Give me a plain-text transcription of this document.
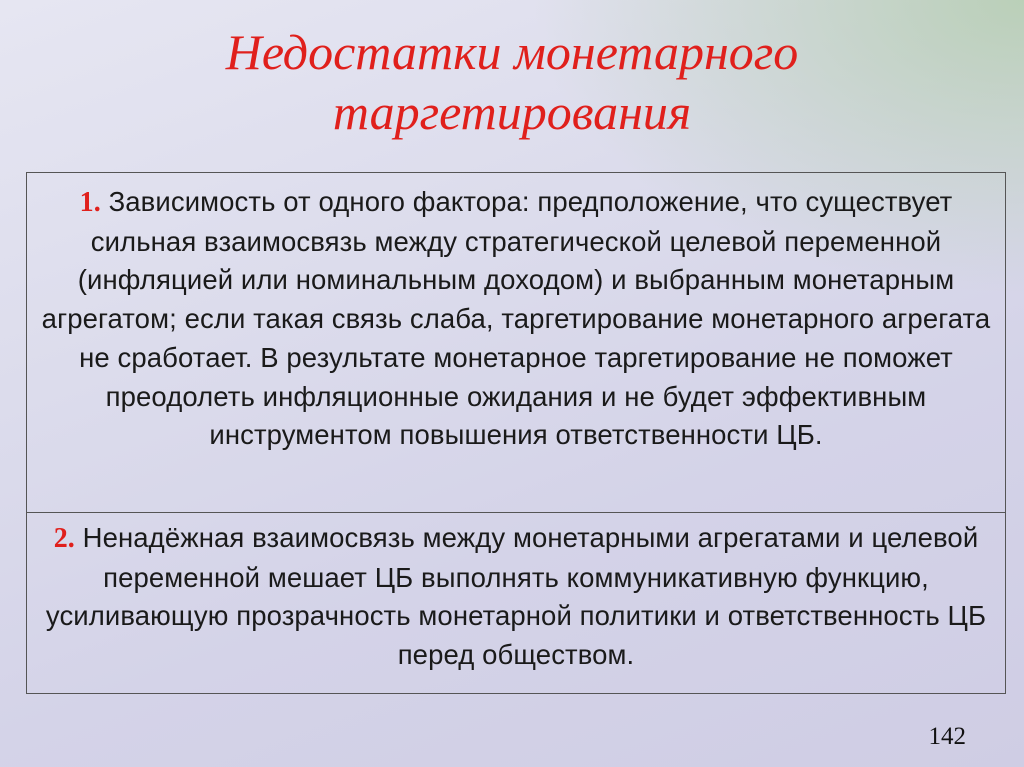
Недостатки монетарного
таргетирования
1. Зависимость от одного фактора: предположение, что существует сильная взаимосвязь между стратегической целевой переменной (инфляцией или номинальным доходом) и выбранным монетарным агрегатом; если такая связь слаба, таргетирование монетарного агрегата не сработает. В результате монетарное таргетирование не поможет преодолеть инфляционные ожидания и не будет эффективным инструментом повышения ответственности ЦБ.
2. Ненадёжная взаимосвязь между монетарными агрегатами и целевой переменной мешает ЦБ выполнять коммуникативную функцию, усиливающую прозрачность монетарной политики и ответственность ЦБ перед обществом.
142
